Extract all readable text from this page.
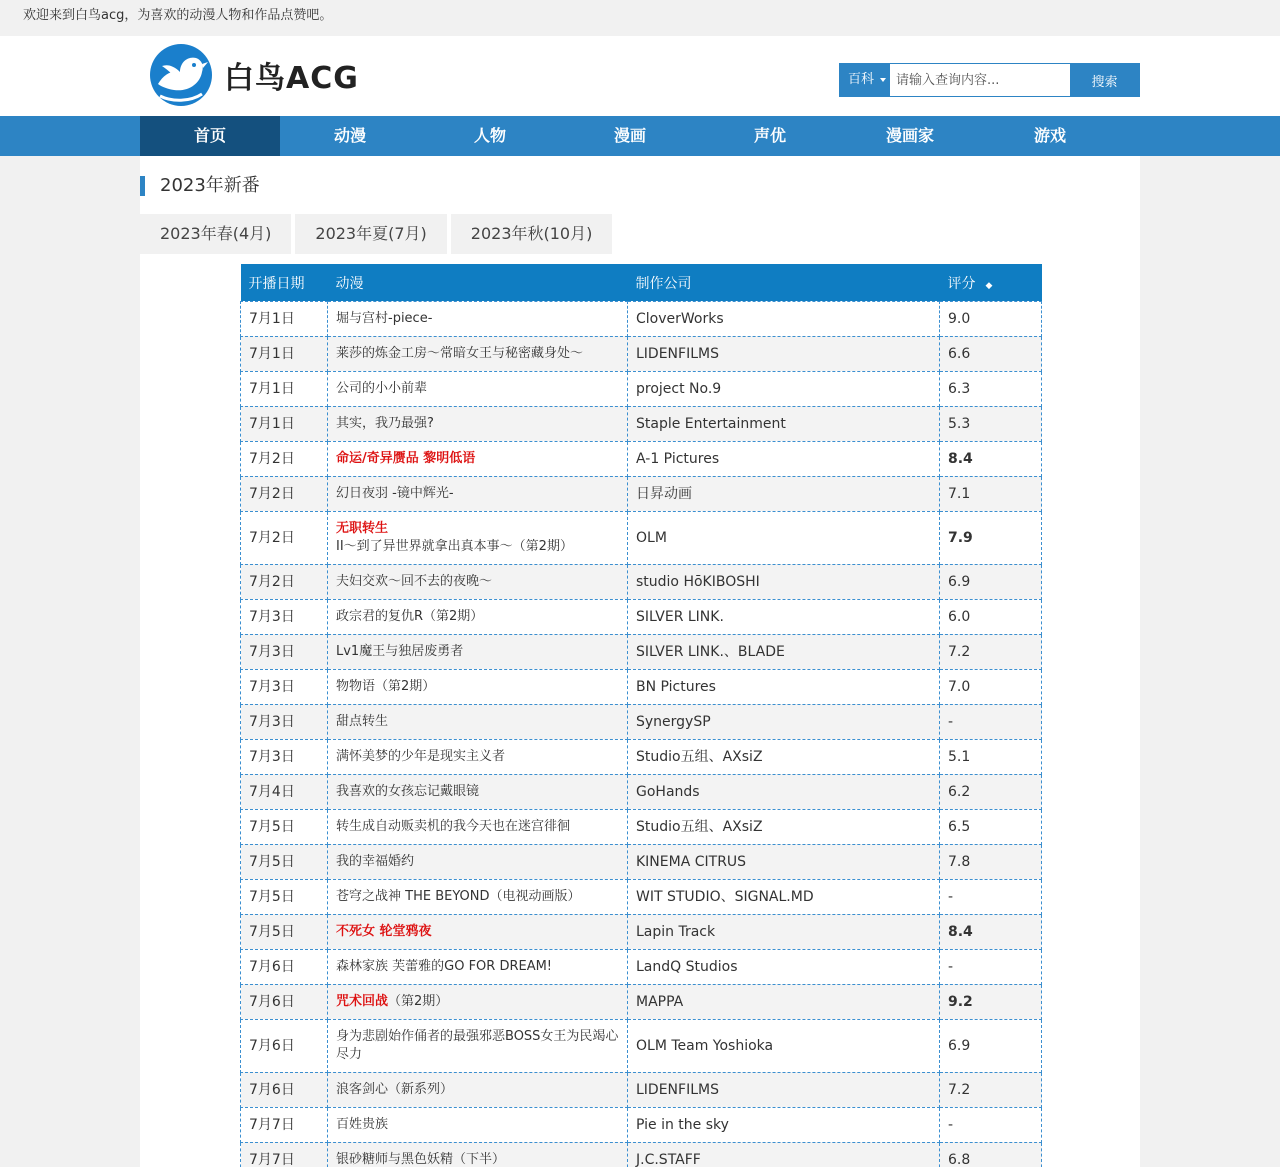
欢迎来到白鸟acg，为喜欢的动漫人物和作品点赞吧。
白鸟ACG	百科
请输入查询内容...	搜索
首页	动漫	人物	漫画	声优	漫画家	游戏
2023年新番
2023年春(4月)	2023年夏(7月)	2023年秋(10月)
开播日期	动漫	制作公司	评分 ◆
7月1日	堀与宫村-piece-	CloverWorks	9.0
7月1日	莱莎的炼金工房～常暗女王与秘密藏身处～	LIDENFILMS	6.6
7月1日	公司的小小前辈	project No.9	6.3
7月1日	其实，我乃最强?	Staple Entertainment	5.3
7月2日	命运/奇异赝品 黎明低语	A-1 Pictures	8.4
7月2日	幻日夜羽 -镜中辉光-	日昇动画	7.1
7月2日	无职转生II～到了异世界就拿出真本事～（第2期）	OLM	7.9
7月2日	夫妇交欢～回不去的夜晚～	studio HōKIBOSHI	6.9
7月3日	政宗君的复仇R（第2期）	SILVER LINK.	6.0
7月3日	Lv1魔王与独居废勇者	SILVER LINK.、BLADE	7.2
7月3日	物物语（第2期）	BN Pictures	7.0
7月3日	甜点转生	SynergySP	-
7月3日	满怀美梦的少年是现实主义者	Studio五组、AXsiZ	5.1
7月4日	我喜欢的女孩忘记戴眼镜	GoHands	6.2
7月5日	转生成自动贩卖机的我今天也在迷宫徘徊	Studio五组、AXsiZ	6.5
7月5日	我的幸福婚约	KINEMA CITRUS	7.8
7月5日	苍穹之战神 THE BEYOND（电视动画版）	WIT STUDIO、SIGNAL.MD	-
7月5日	不死女 轮堂鸦夜	Lapin Track	8.4
7月6日	森林家族 芙蕾雅的GO FOR DREAM!	LandQ Studios	-
7月6日	咒术回战（第2期）	MAPPA	9.2
7月6日	身为悲剧始作俑者的最强邪恶BOSS女王为民竭心尽力	OLM Team Yoshioka	6.9
7月6日	浪客剑心（新系列）	LIDENFILMS	7.2
7月7日	百姓贵族	Pie in the sky	-
7月7日	银砂糖师与黑色妖精（下半）	J.C.STAFF	6.8
